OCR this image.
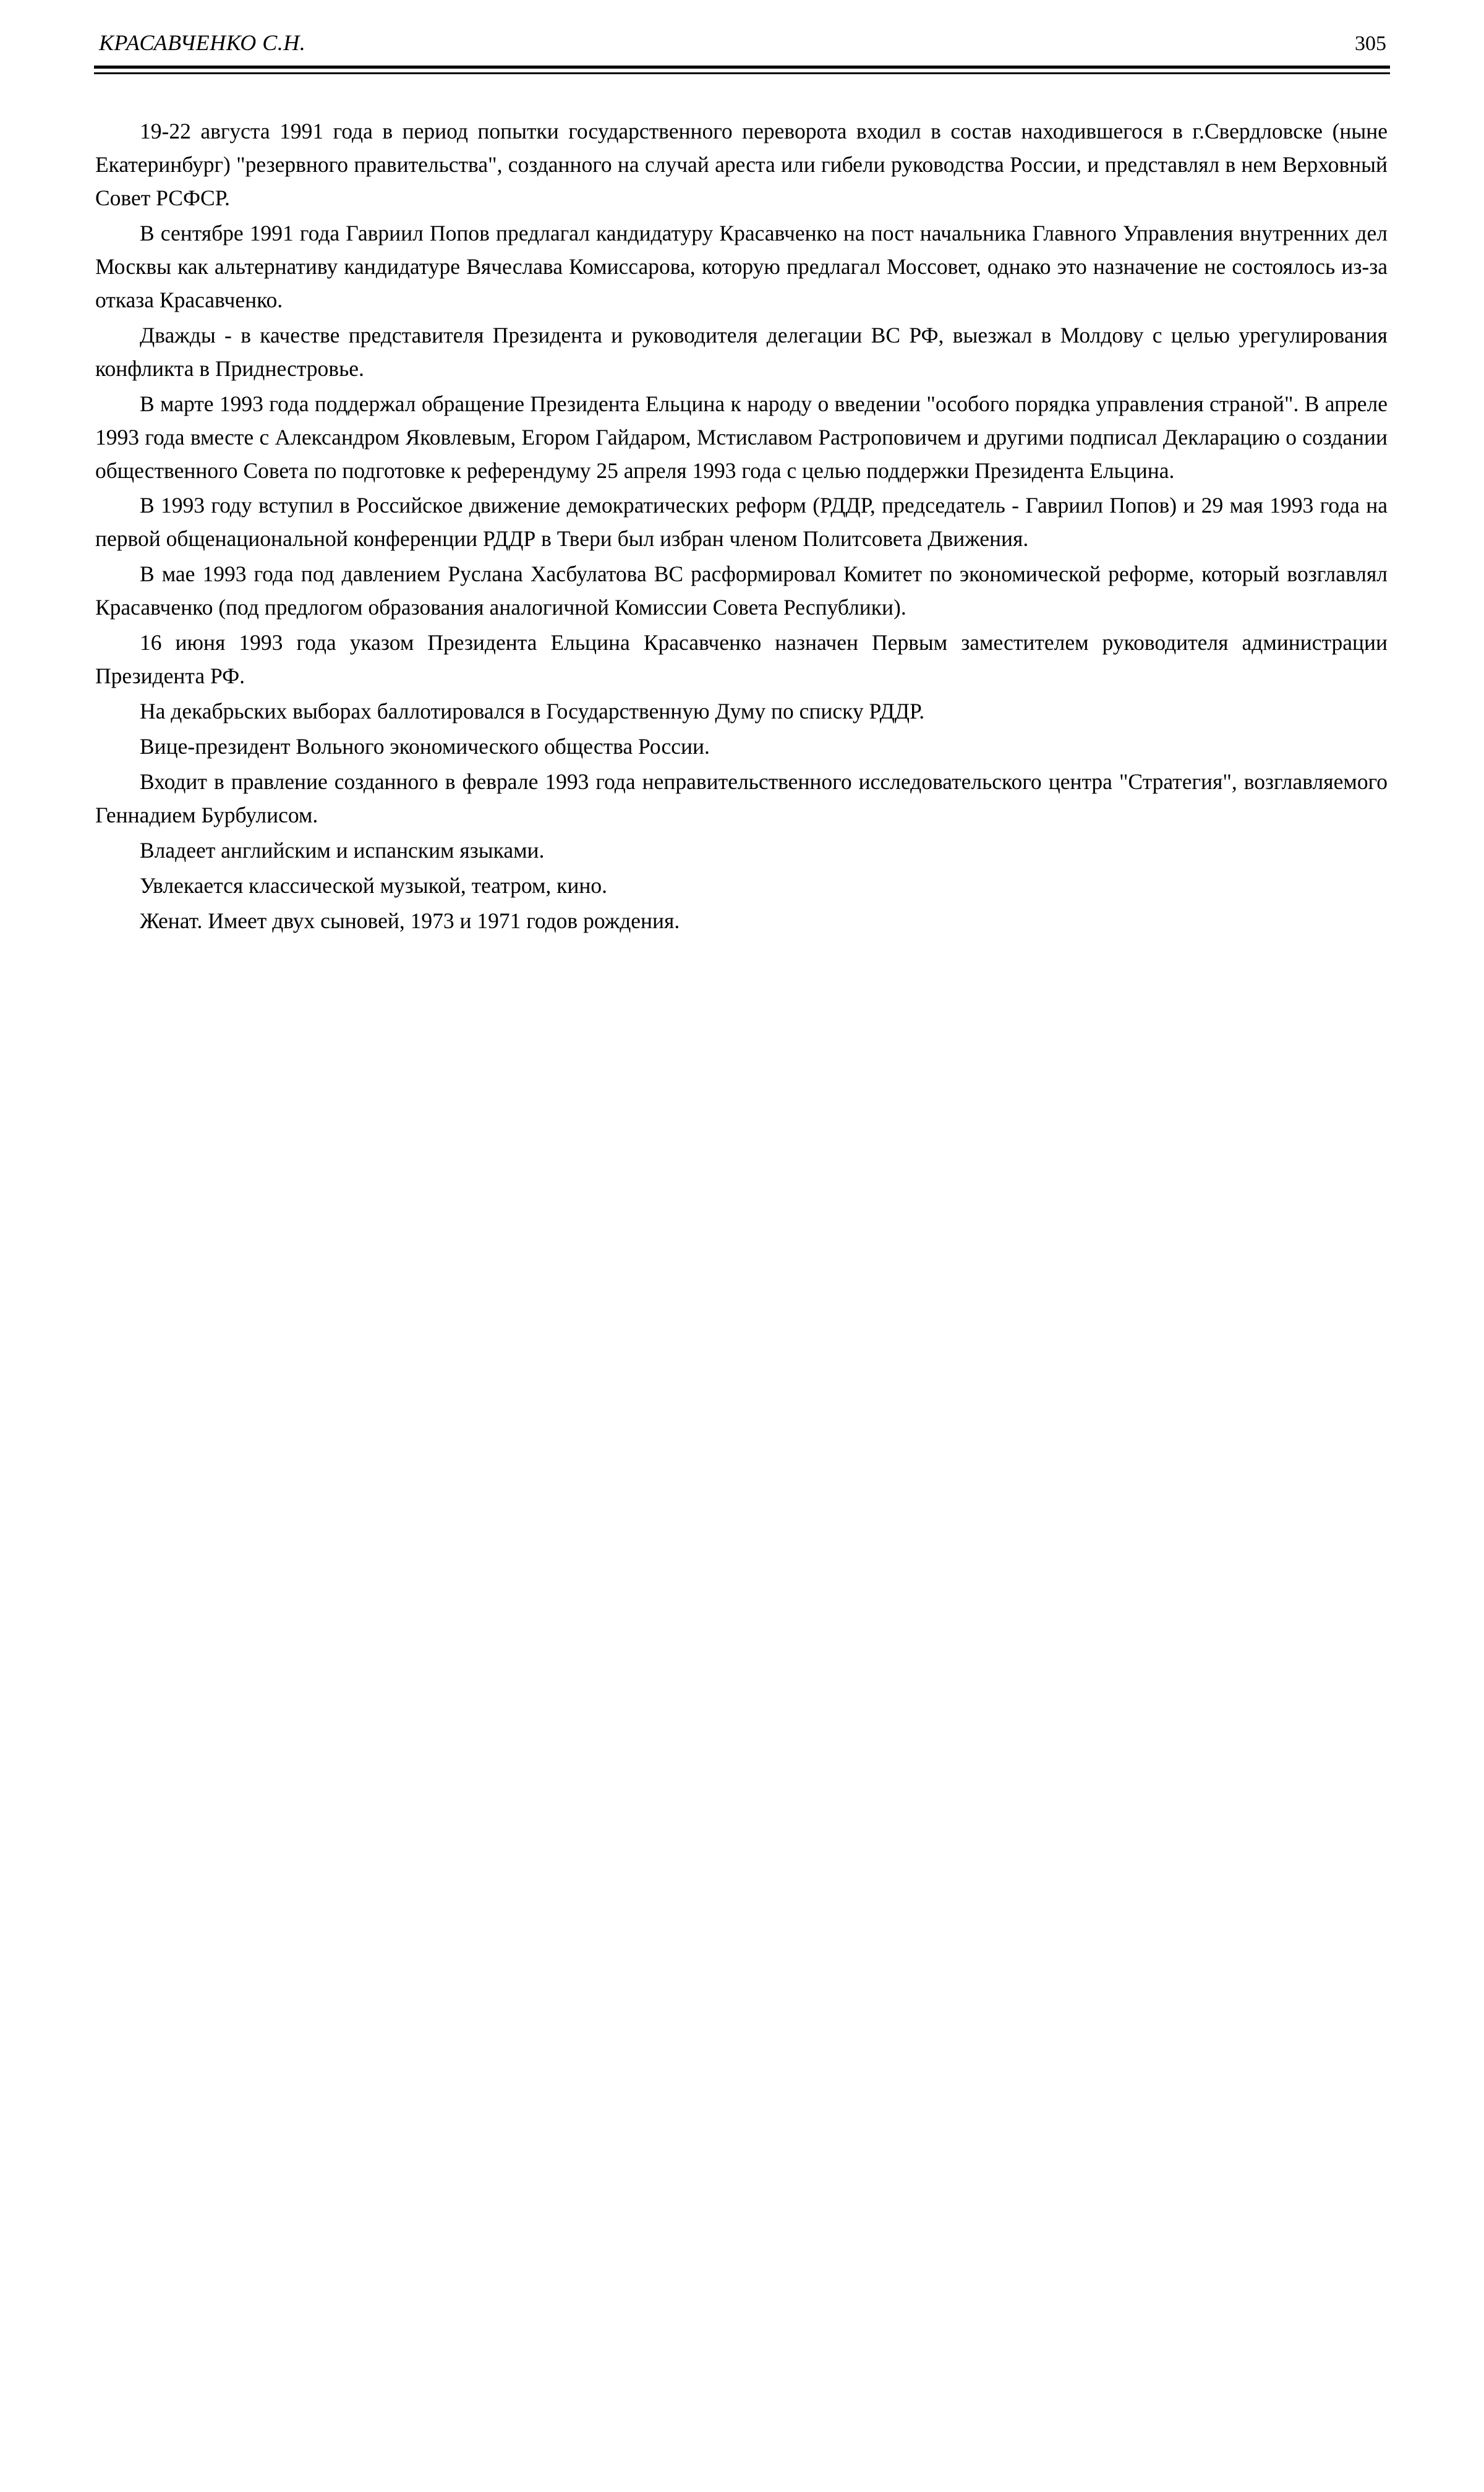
КРАСАВЧЕНКО С.Н.	305

19-22 августа 1991 года в период попытки государственного переворота входил в состав находившегося в г.Свердловске (ныне Екатеринбург) "резервного правительства", созданного на случай ареста или гибели руководства России, и представлял в нем Верховный Совет РСФСР.

В сентябре 1991 года Гавриил Попов предлагал кандидатуру Красавченко на пост начальника Главного Управления внутренних дел Москвы как альтернативу кандидатуре Вячеслава Комиссарова, которую предлагал Моссовет, однако это назначение не состоялось из-за отказа Красавченко.

Дважды - в качестве представителя Президента и руководителя делегации ВС РФ, выезжал в Молдову с целью урегулирования конфликта в Приднестровье.

В марте 1993 года поддержал обращение Президента Ельцина к народу о введении "особого порядка управления страной". В апреле 1993 года вместе с Александром Яковлевым, Егором Гайдаром, Мстиславом Растроповичем и другими подписал Декларацию о создании общественного Совета по подготовке к референдуму 25 апреля 1993 года с целью поддержки Президента Ельцина.

В 1993 году вступил в Российское движение демократических реформ (РДДР, председатель - Гавриил Попов) и 29 мая 1993 года на первой общенациональной конференции РДДР в Твери был избран членом Политсовета Движения.

В мае 1993 года под давлением Руслана Хасбулатова ВС расформировал Комитет по экономической реформе, который возглавлял Красавченко (под предлогом образования аналогичной Комиссии Совета Республики).

16 июня 1993 года указом Президента Ельцина Красавченко назначен Первым заместителем руководителя администрации Президента РФ.

На декабрьских выборах баллотировался в Государственную Думу по списку РДДР.

Вице-президент Вольного экономического общества России.

Входит в правление созданного в феврале 1993 года неправительственного исследовательского центра "Стратегия", возглавляемого Геннадием Бурбулисом.

Владеет английским и испанским языками.

Увлекается классической музыкой, театром, кино.

Женат. Имеет двух сыновей, 1973 и 1971 годов рождения.
